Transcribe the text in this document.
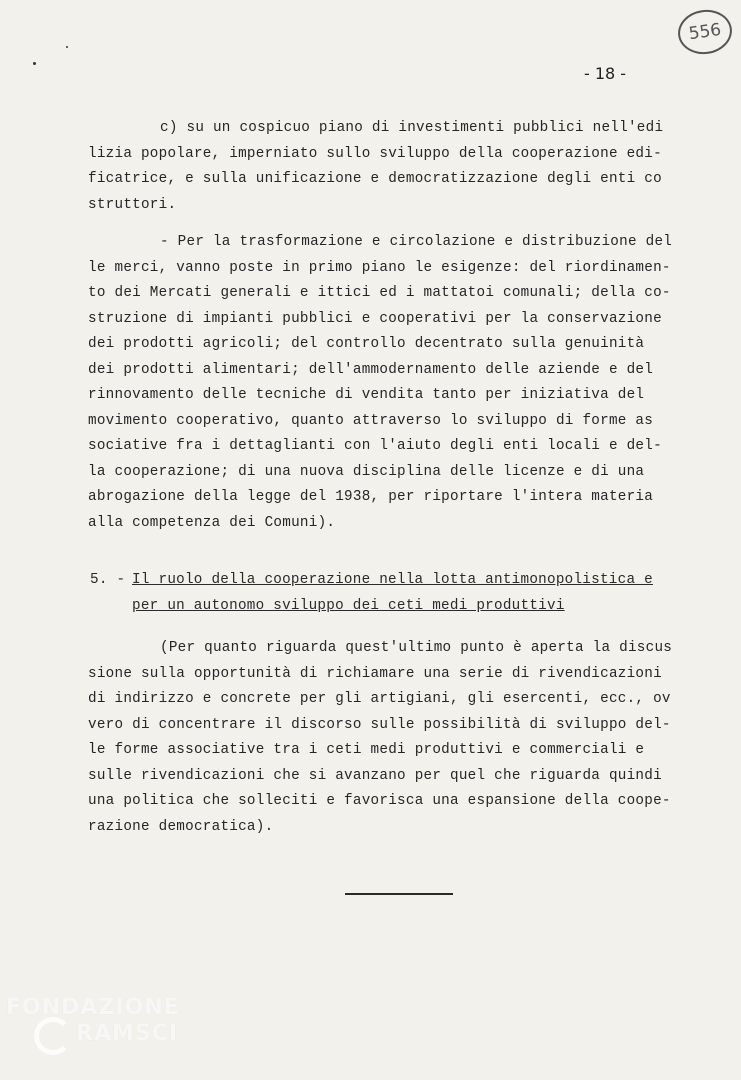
556
- 18 -
c) su un cospicuo piano di investimenti pubblici nell'edi
lizia popolare, imperniato sullo sviluppo della cooperazione edi-
ficatrice, e sulla unificazione e democratizzazione degli enti co
struttori.
- Per la trasformazione e circolazione e distribuzione del
le merci, vanno poste in primo piano le esigenze: del riordinamen-
to dei Mercati generali e ittici ed i mattatoi comunali; della co-
struzione di impianti pubblici e cooperativi per la conservazione
dei prodotti agricoli; del controllo decentrato sulla genuinità
dei prodotti alimentari; dell'ammodernamento delle aziende e del
rinnovamento delle tecniche di vendita tanto per iniziativa del
movimento cooperativo, quanto attraverso lo sviluppo di forme as
sociative fra i dettaglianti con l'aiuto degli enti locali e del-
la cooperazione; di una nuova disciplina delle licenze e di una
abrogazione della legge del 1938, per riportare l'intera materia
alla competenza dei Comuni).
5. - Il ruolo della cooperazione nella lotta antimonopolistica e
per un autonomo sviluppo dei ceti medi produttivi
(Per quanto riguarda quest'ultimo punto è aperta la discus
sione sulla opportunità di richiamare una serie di rivendicazioni
di indirizzo e concrete per gli artigiani, gli esercenti, ecc., ov
vero di concentrare il discorso sulle possibilità di sviluppo del-
le forme associative tra i ceti medi produttivi e commerciali e
sulle rivendicazioni che si avanzano per quel che riguarda quindi
una politica che solleciti e favorisca una espansione della coope-
razione democratica).
FONDAZIONE
RAMSCI
